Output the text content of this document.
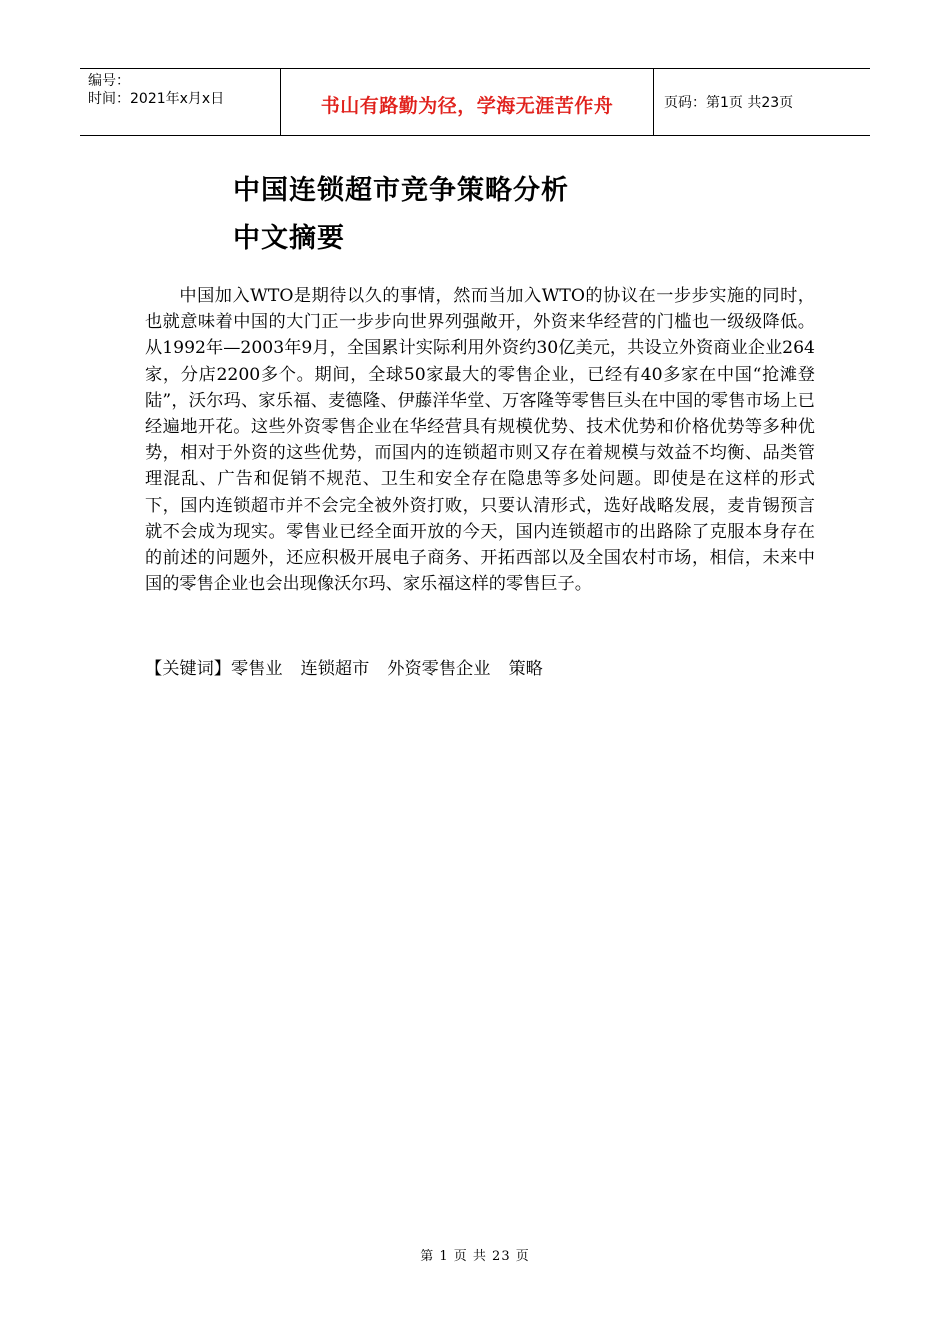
编号：
时间：2021年x月x日	书山有路勤为径，学海无涯苦作舟	页码：第1页 共23页
中国连锁超市竞争策略分析
中文摘要

中国加入WTO是期待以久的事情，然而当加入WTO的协议在一步步实施的同时，也就意味着中国的大门正一步步向世界列强敞开，外资来华经营的门槛也一级级降低。从1992年—2003年9月，全国累计实际利用外资约30亿美元，共设立外资商业企业264家，分店2200多个。期间，全球50家最大的零售企业，已经有40多家在中国“抢滩登陆”，沃尔玛、家乐福、麦德隆、伊藤洋华堂、万客隆等零售巨头在中国的零售市场上已经遍地开花。这些外资零售企业在华经营具有规模优势、技术优势和价格优势等多种优势，相对于外资的这些优势，而国内的连锁超市则又存在着规模与效益不均衡、品类管理混乱、广告和促销不规范、卫生和安全存在隐患等多处问题。即使是在这样的形式下，国内连锁超市并不会完全被外资打败，只要认清形式，选好战略发展，麦肯锡预言就不会成为现实。零售业已经全面开放的今天，国内连锁超市的出路除了克服本身存在的前述的问题外，还应积极开展电子商务、开拓西部以及全国农村市场，相信，未来中国的零售企业也会出现像沃尔玛、家乐福这样的零售巨子。

【关键词】零售业 连锁超市 外资零售企业 策略
第 1 页 共 23 页
